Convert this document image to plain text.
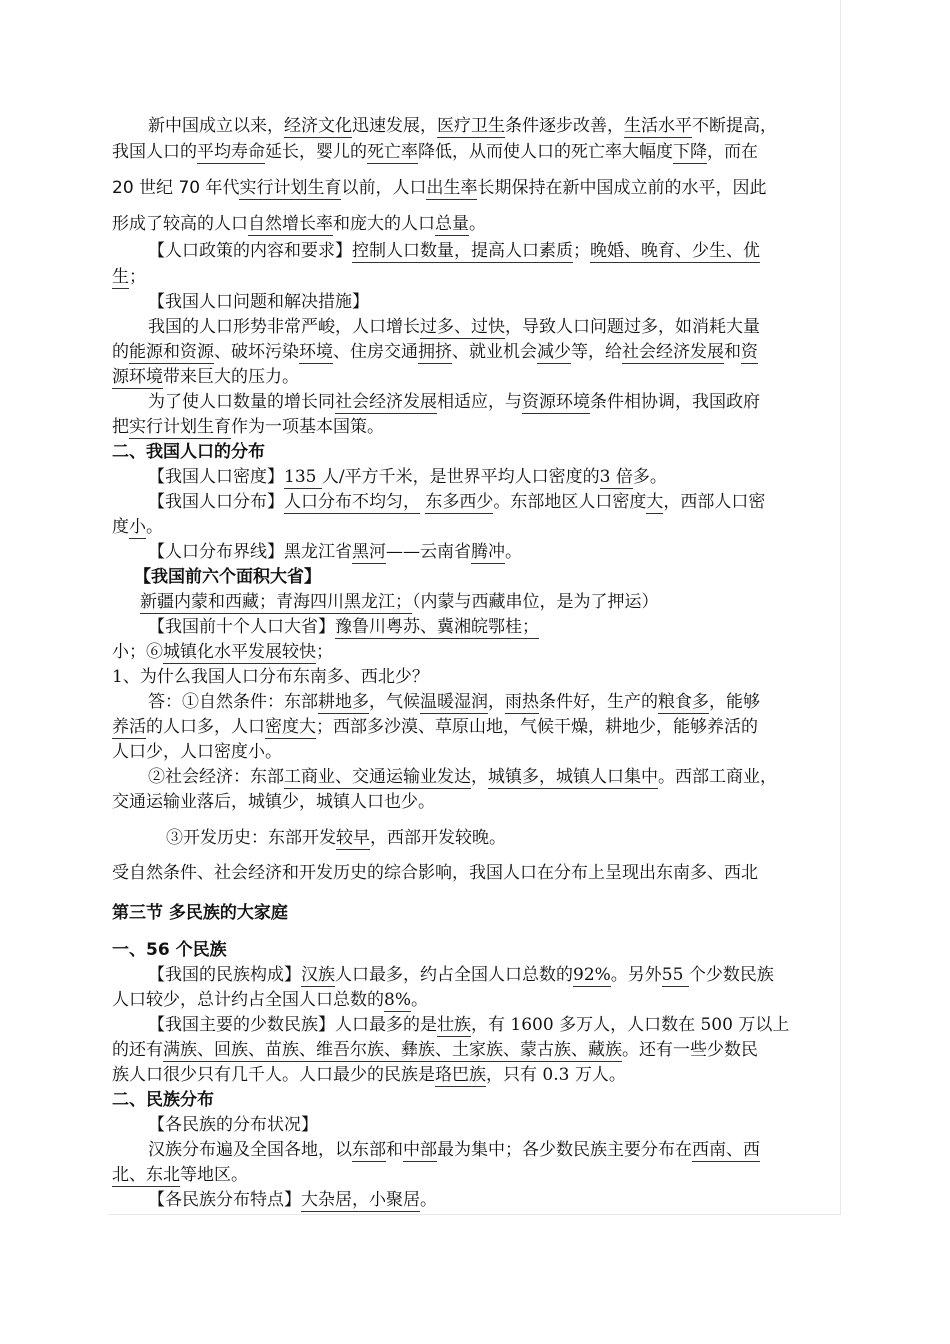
新中国成立以来，经济文化迅速发展，医疗卫生条件逐步改善，生活水平不断提高，
我国人口的平均寿命延长，婴儿的死亡率降低，从而使人口的死亡率大幅度下降，而在
20 世纪 70 年代实行计划生育以前，人口出生率长期保持在新中国成立前的水平，因此
形成了较高的人口自然增长率和庞大的人口总量。
【人口政策的内容和要求】控制人口数量，提高人口素质；晚婚、晚育、少生、优
生；
【我国人口问题和解决措施】
我国的人口形势非常严峻，人口增长过多、过快，导致人口问题过多，如消耗大量
的能源和资源、破坏污染环境、住房交通拥挤、就业机会减少等，给社会经济发展和资
源环境带来巨大的压力。
为了使人口数量的增长同社会经济发展相适应，与资源环境条件相协调，我国政府
把实行计划生育作为一项基本国策。
二、我国人口的分布
【我国人口密度】135 人/平方千米，是世界平均人口密度的3 倍多。
【我国人口分布】人口分布不均匀， 东多西少。东部地区人口密度大，西部人口密
度小。
【人口分布界线】黑龙江省黑河——云南省腾冲。
【我国前六个面积大省】
新疆内蒙和西藏；青海四川黑龙江；（内蒙与西藏串位，是为了押运）
【我国前十个人口大省】豫鲁川粤苏、冀湘皖鄂桂；
小；⑥城镇化水平发展较快；
1、为什么我国人口分布东南多、西北少？
答：①自然条件：东部耕地多，气候温暖湿润，雨热条件好，生产的粮食多，能够
养活的人口多，人口密度大；西部多沙漠、草原山地，气候干燥，耕地少，能够养活的
人口少，人口密度小。
②社会经济：东部工商业、交通运输业发达，城镇多，城镇人口集中。西部工商业，
交通运输业落后，城镇少，城镇人口也少。
③开发历史：东部开发较早，西部开发较晚。
受自然条件、社会经济和开发历史的综合影响，我国人口在分布上呈现出东南多、西北
第三节 多民族的大家庭
一、56 个民族
【我国的民族构成】汉族人口最多，约占全国人口总数的92%。另外55 个少数民族
人口较少，总计约占全国人口总数的8%。
【我国主要的少数民族】人口最多的是壮族，有 1600 多万人，人口数在 500 万以上
的还有满族、回族、苗族、维吾尔族、彝族、土家族、蒙古族、藏族。还有一些少数民
族人口很少只有几千人。人口最少的民族是珞巴族，只有 0.3 万人。
二、民族分布
【各民族的分布状况】
汉族分布遍及全国各地，以东部和中部最为集中；各少数民族主要分布在西南、西
北、东北等地区。
【各民族分布特点】大杂居，小聚居。
